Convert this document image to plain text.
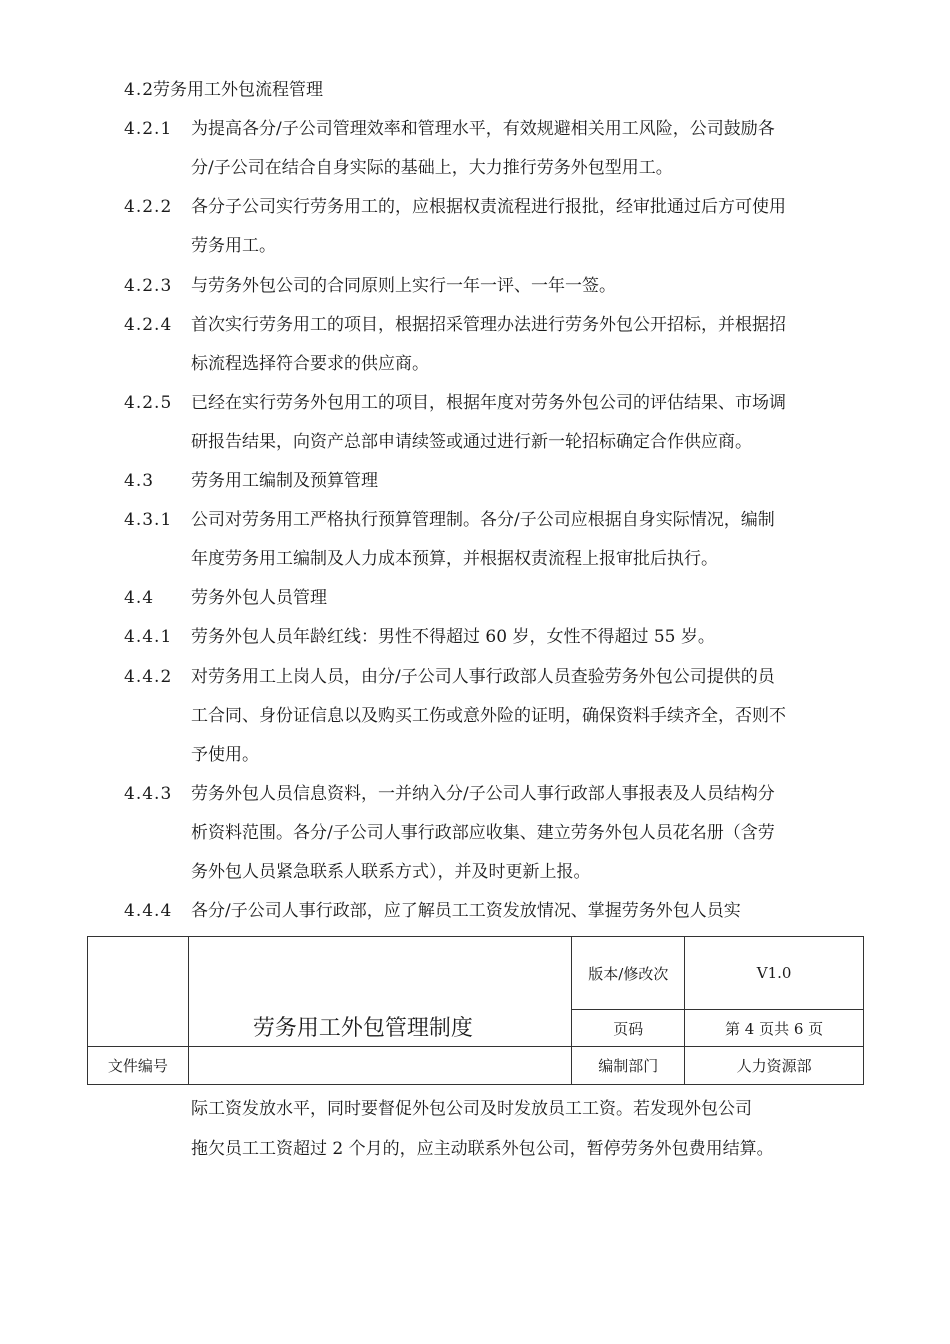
4.2
劳务用工外包流程管理
4.2.1 为提高各分/子公司管理效率和管理水平，有效规避相关用工风险，公司鼓励各
分/子公司在结合自身实际的基础上，大力推行劳务外包型用工。
4.2.2 各分子公司实行劳务用工的，应根据权责流程进行报批，经审批通过后方可使用
劳务用工。
4.2.3 与劳务外包公司的合同原则上实行一年一评、一年一签。
4.2.4 首次实行劳务用工的项目，根据招采管理办法进行劳务外包公开招标，并根据招
标流程选择符合要求的供应商。
4.2.5 已经在实行劳务外包用工的项目，根据年度对劳务外包公司的评估结果、市场调
研报告结果，向资产总部申请续签或通过进行新一轮招标确定合作供应商。
4.3 劳务用工编制及预算管理
4.3.1 公司对劳务用工严格执行预算管理制。各分/子公司应根据自身实际情况，编制
年度劳务用工编制及人力成本预算，并根据权责流程上报审批后执行。
4.4 劳务外包人员管理
4.4.1 劳务外包人员年龄红线：男性不得超过 60 岁，女性不得超过 55 岁。
4.4.2 对劳务用工上岗人员，由分/子公司人事行政部人员查验劳务外包公司提供的员
工合同、身份证信息以及购买工伤或意外险的证明，确保资料手续齐全，否则不
予使用。
4.4.3 劳务外包人员信息资料，一并纳入分/子公司人事行政部人事报表及人员结构分
析资料范围。各分/子公司人事行政部应收集、建立劳务外包人员花名册（含劳
务外包人员紧急联系人联系方式），并及时更新上报。
4.4.4 各分/子公司人事行政部，应了解员工工资发放情况、掌握劳务外包人员实
	劳务用工外包管理制度	版本/修改次	V1.0
		页码	第 4 页共 6 页
文件编号		编制部门	人力资源部
际工资发放水平，同时要督促外包公司及时发放员工工资。若发现外包公司
拖欠员工工资超过 2 个月的，应主动联系外包公司，暂停劳务外包费用结算。
